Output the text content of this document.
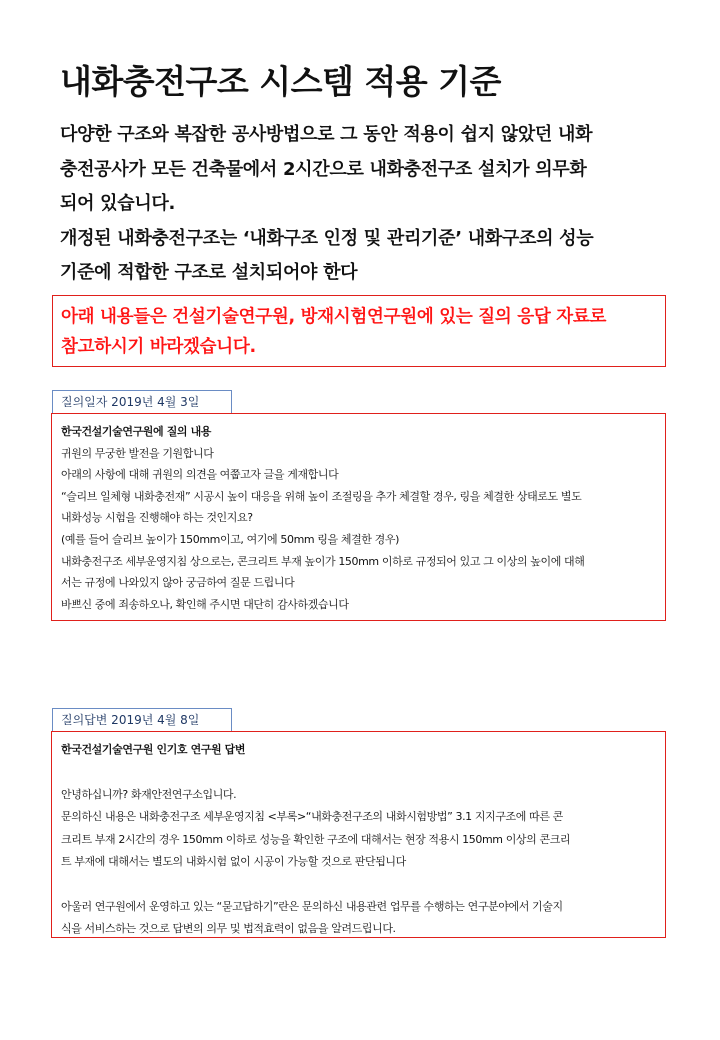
내화충전구조 시스템 적용 기준

다양한 구조와 복잡한 공사방법으로 그 동안 적용이 쉽지 않았던 내화

충전공사가 모든 건축물에서 2시간으로 내화충전구조 설치가 의무화

되어 있습니다.

개정된 내화충전구조는 ‘내화구조 인정 및 관리기준’ 내화구조의 성능

기준에 적합한 구조로 설치되어야 한다

아래 내용들은 건설기술연구원, 방재시험연구원에 있는 질의 응답 자료로

참고하시기 바라겠습니다.

질의일자 2019년 4월 3일

한국건설기술연구원에 질의 내용

귀원의 무궁한 발전을 기원합니다

아래의 사항에 대해 귀원의 의견을 여쭙고자 글을 게재합니다

“슬리브 일체형 내화충전재” 시공시 높이 대응을 위해 높이 조절링을 추가 체결할 경우, 링을 체결한 상태로도 별도

내화성능 시험을 진행해야 하는 것인지요?

(예를 들어 슬리브 높이가 150mm이고, 여기에 50mm 링을 체결한 경우)

내화충전구조 세부운영지침 상으로는, 콘크리트 부재 높이가 150mm 이하로 규정되어 있고 그 이상의 높이에 대해

서는 규정에 나와있지 않아 궁금하여 질문 드립니다

바쁘신 중에 죄송하오나, 확인해 주시면 대단히 감사하겠습니다

질의답변 2019년 4월 8일

한국건설기술연구원 인기호 연구원 답변

안녕하십니까? 화재안전연구소입니다.

문의하신 내용은 내화충전구조 세부운영지침 <부록>“내화충전구조의 내화시험방법” 3.1 지지구조에 따른 콘

크리트 부재 2시간의 경우 150mm 이하로 성능을 확인한 구조에 대해서는 현장 적용시 150mm 이상의 콘크리

트 부재에 대해서는 별도의 내화시험 없이 시공이 가능할 것으로 판단됩니다

아울러 연구원에서 운영하고 있는 “묻고답하기”란은 문의하신 내용관련 업무를 수행하는 연구분야에서 기술지

식을 서비스하는 것으로 답변의 의무 및 법적효력이 없음을 알려드립니다.
